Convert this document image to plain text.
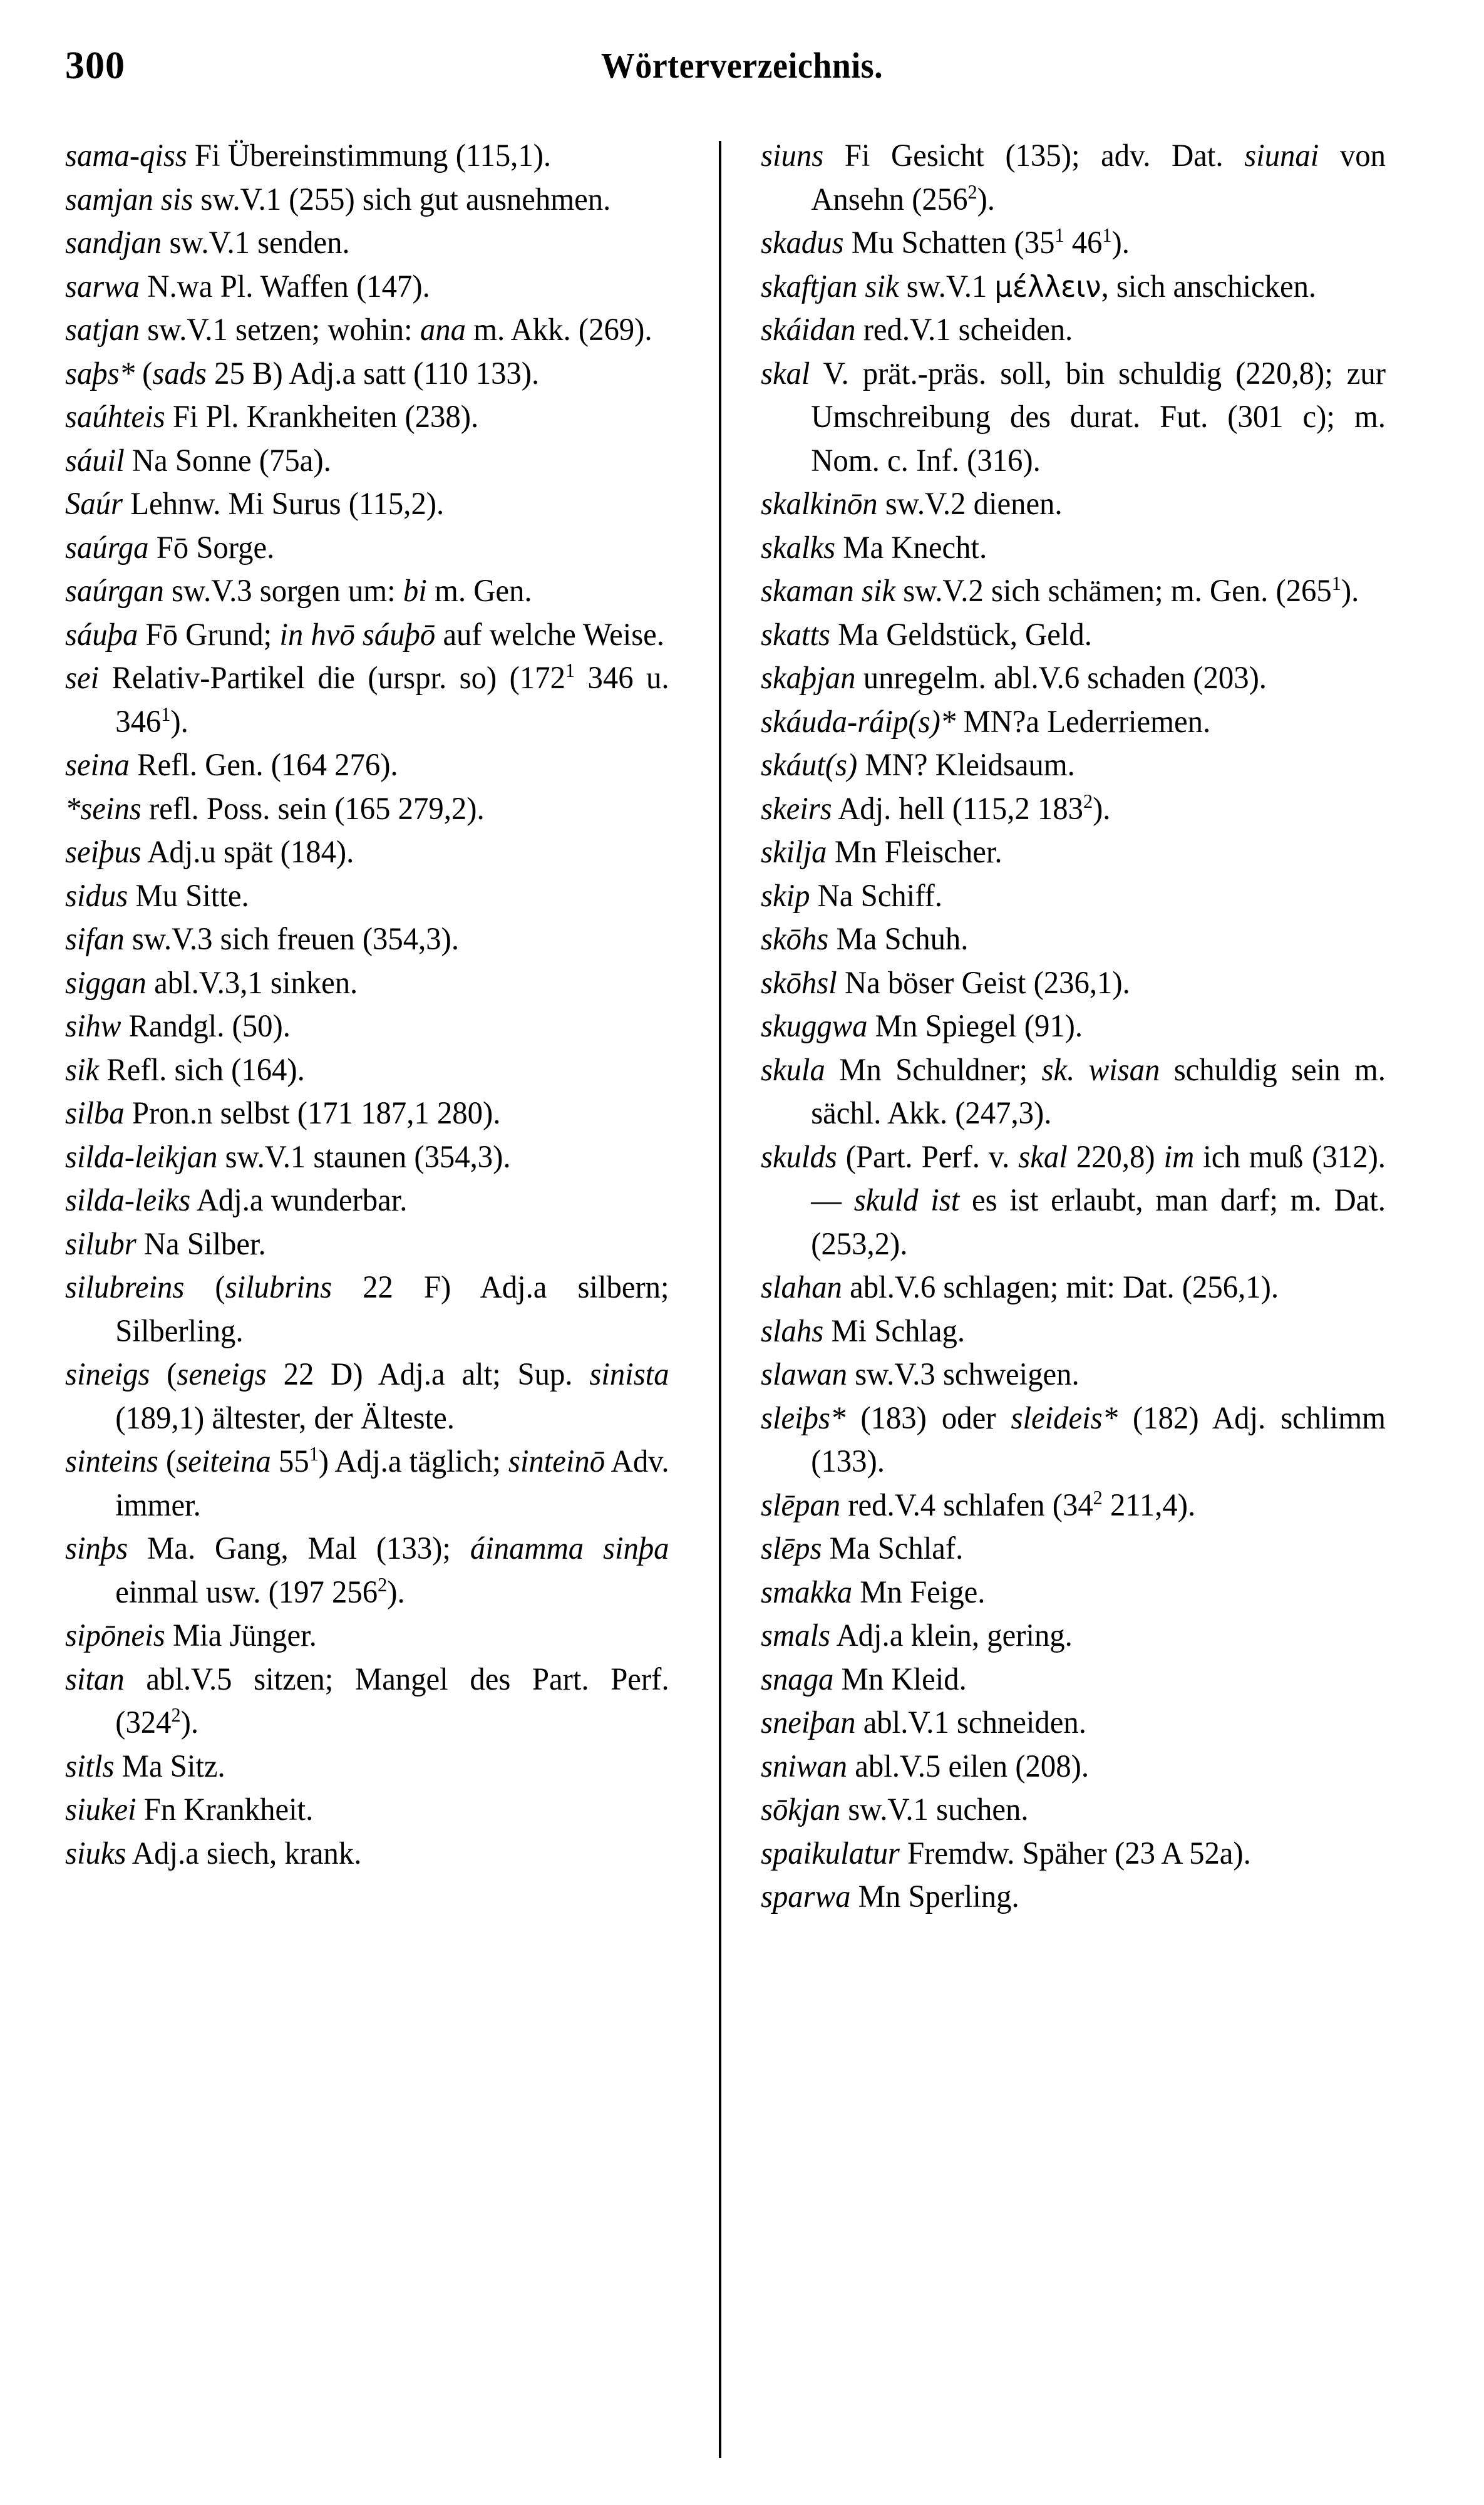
300	Wörterverzeichnis.

sama-qiss Fi Übereinstimmung (115,1).

samjan sis sw.V.1 (255) sich gut ausnehmen.

sandjan sw.V.1 senden.

sarwa N.wa Pl. Waffen (147).

satjan sw.V.1 setzen; wohin: ana m. Akk. (269).

saþs* (sads 25 B) Adj.a satt (110 133).

saúhteis Fi Pl. Krankheiten (238).

sáuil Na Sonne (75a).

Saúr Lehnw. Mi Surus (115,2).

saúrga Fō Sorge.

saúrgan sw.V.3 sorgen um: bi m. Gen.

sáuþa Fō Grund; in hvō sáuþō auf welche Weise.

sei Relativ-Partikel die (urspr. so) ($172^1$ 346 u. $346^1$).

seina Refl. Gen. (164 276).

*seins refl. Poss. sein (165 279,2).

seiþus Adj.u spät (184).

sidus Mu Sitte.

sifan sw.V.3 sich freuen (354,3).

siggan abl.V.3,1 sinken.

sihw Randgl. (50).

sik Refl. sich (164).

silba Pron.n selbst (171 187,1 280).

silda-leikjan sw.V.1 staunen (354,3).

silda-leiks Adj.a wunderbar.

silubr Na Silber.

silubreins (silubrins 22 F) Adj.a silbern; Silberling.

sineigs (seneigs 22 D) Adj.a alt; Sup. sinista (189,1) ältester, der Älteste.

sinteins (seiteina $55^1$) Adj.a täglich; sinteinō Adv. immer.

sinþs Ma. Gang, Mal (133); áinamma sinþa einmal usw. (197 $256^2$).

sipōneis Mia Jünger.

sitan abl.V.5 sitzen; Mangel des Part. Perf. $(324^2)$.

sitls Ma Sitz.

siukei Fn Krankheit.

siuks Adj.a siech, krank.

siuns Fi Gesicht (135); adv. Dat. siunai von Ansehn $(256^2)$.

skadus Mu Schatten ($35^1$ $46^1$).

skaftjan sik sw.V.1 μέλλειν, sich anschicken.

skáidan red.V.1 scheiden.

skal V. prät.-präs. soll, bin schuldig (220,8); zur Umschreibung des durat. Fut. (301 c); m. Nom. c. Inf. (316).

skalkinōn sw.V.2 dienen.

skalks Ma Knecht.

skaman sik sw.V.2 sich schämen; m. Gen. $(265^1)$.

skatts Ma Geldstück, Geld.

skaþjan unregelm. abl.V.6 schaden (203).

skáuda-ráip(s)* MN?a Lederriemen.

skáut(s) MN? Kleidsaum.

skeirs Adj. hell (115,2 $183^2$).

skilja Mn Fleischer.

skip Na Schiff.

skōhs Ma Schuh.

skōhsl Na böser Geist (236,1).

skuggwa Mn Spiegel (91).

skula Mn Schuldner; sk. wisan schuldig sein m. sächl. Akk. (247,3).

skulds (Part. Perf. v. skal 220,8) im ich muß (312). — skuld ist es ist erlaubt, man darf; m. Dat. (253,2).

slahan abl.V.6 schlagen; mit: Dat. (256,1).

slahs Mi Schlag.

slawan sw.V.3 schweigen.

sleiþs* (183) oder sleideis* (182) Adj. schlimm (133).

slēpan red.V.4 schlafen ($34^2$ 211,4).

slēps Ma Schlaf.

smakka Mn Feige.

smals Adj.a klein, gering.

snaga Mn Kleid.

sneiþan abl.V.1 schneiden.

sniwan abl.V.5 eilen (208).

sōkjan sw.V.1 suchen.

spaikulatur Fremdw. Späher (23 A 52a).

sparwa Mn Sperling.
